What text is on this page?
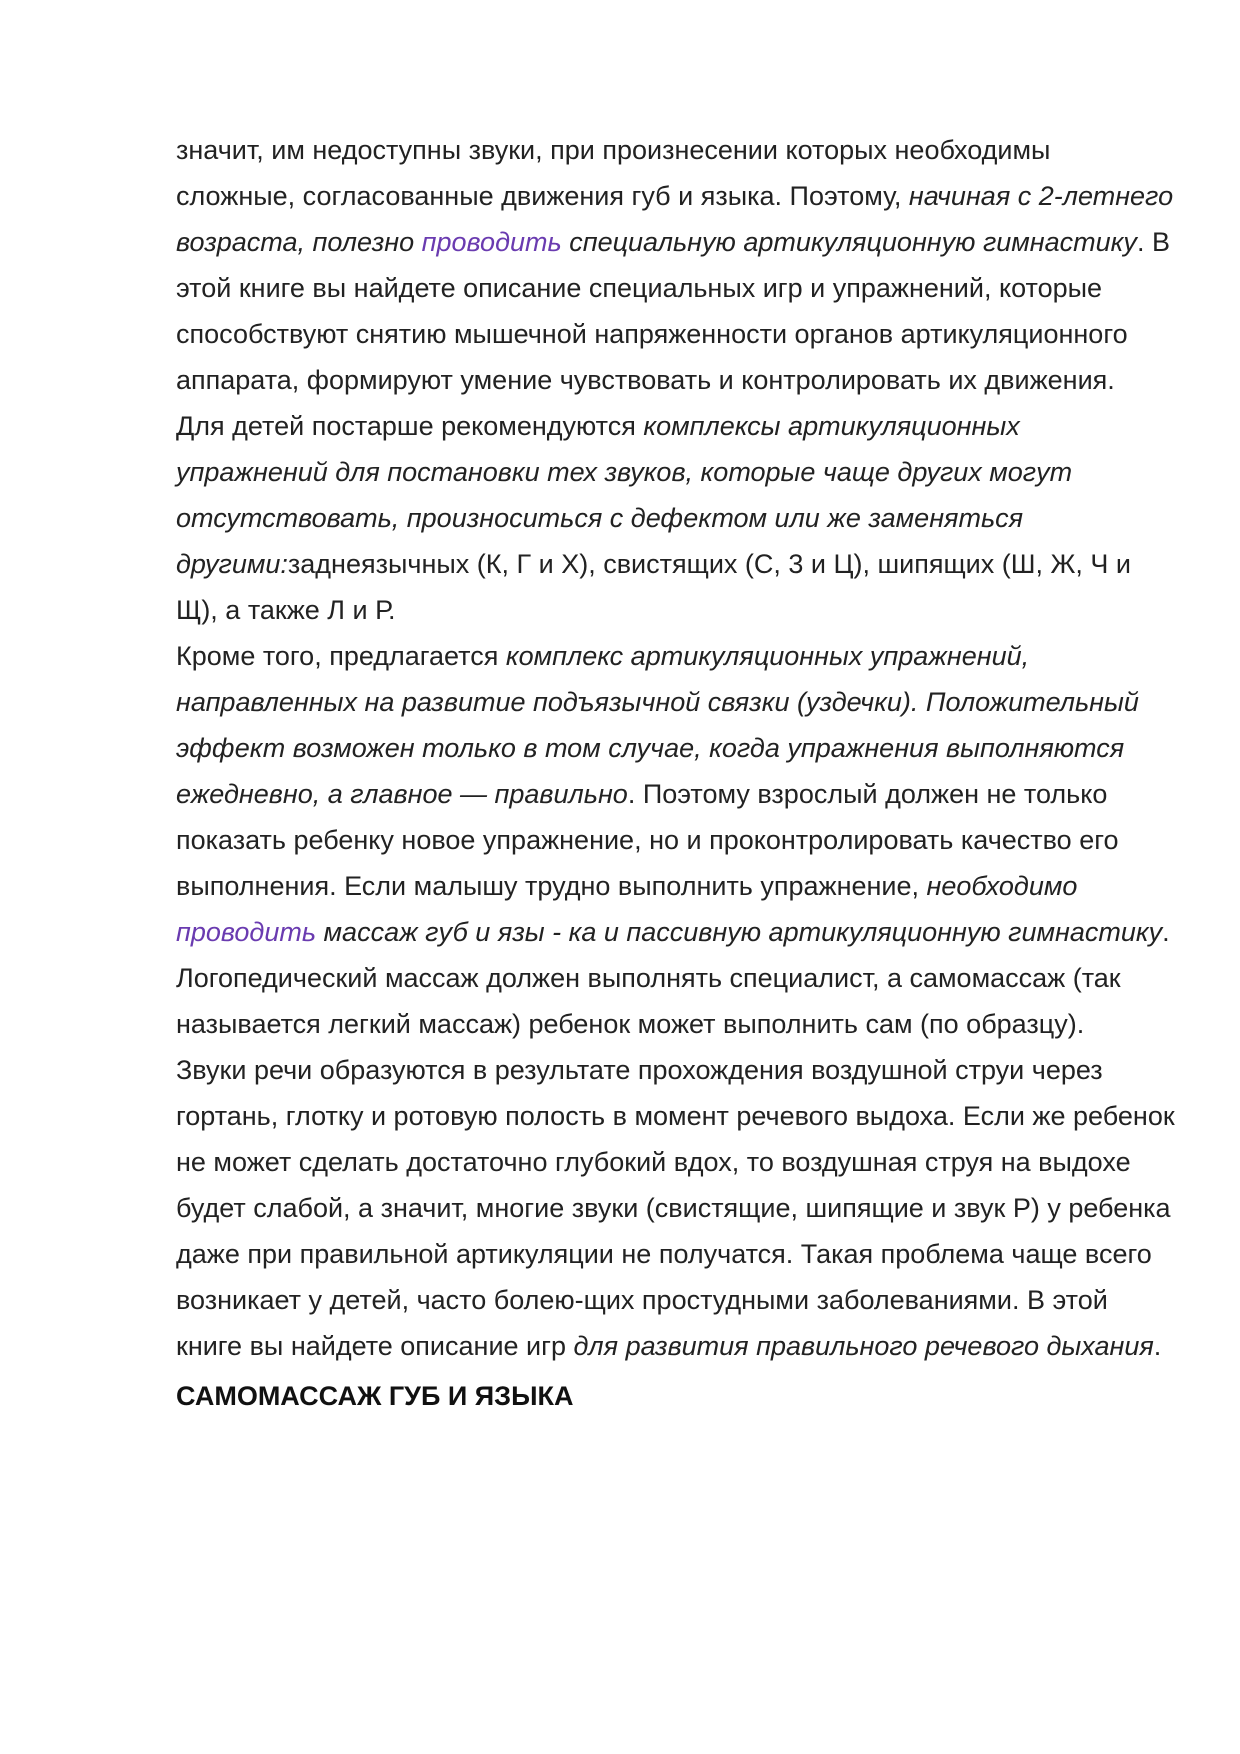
значит, им недоступны звуки, при произнесении которых необходимы сложные, согласованные движения губ и языка. Поэтому, начиная с 2-летнего возраста, полезно проводить специальную артикуляционную гимнастику. В этой книге вы найдете описание специальных игр и упражнений, которые способствуют снятию мышечной напряженности органов артикуляционного аппарата, формируют умение чувствовать и контролировать их движения.

Для детей постарше рекомендуются комплексы артикуляционных упражнений для постановки тех звуков, которые чаще других могут отсутствовать, произноситься с дефектом или же заменяться другими:заднеязычных (К, Г и X), свистящих (С, 3 и Ц), шипящих (Ш, Ж, Ч и Щ), а также Л и Р.

Кроме того, предлагается комплекс артикуляционных упражнений, направленных на развитие подъязычной связки (уздечки). Положительный эффект возможен только в том случае, когда упражнения выполняются ежедневно, а главное — правильно. Поэтому взрослый должен не только показать ребенку новое упражнение, но и проконтролировать качество его выполнения. Если малышу трудно выполнить упражнение, необходимо проводить массаж губ и язы - ка и пассивную артикуляционную гимнастику. Логопедический массаж должен выполнять специалист, а самомассаж (так называется легкий массаж) ребенок может выполнить сам (по образцу).

Звуки речи образуются в результате прохождения воздушной струи через гортань, глотку и ротовую полость в момент речевого выдоха. Если же ребенок не может сделать достаточно глубокий вдох, то воздушная струя на выдохе будет слабой, а значит, многие звуки (свистящие, шипящие и звук Р) у ребенка даже при правильной артикуляции не получатся. Такая проблема чаще всего возникает у детей, часто болею-щих простудными заболеваниями. В этой книге вы найдете описание игр для развития правильного речевого дыхания.

САМОМАССАЖ ГУБ И ЯЗЫКА
